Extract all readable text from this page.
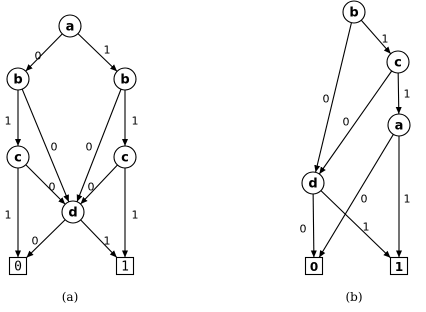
0	1
1
0	0
1
0	0
1	1
0	1
a
b	b
c	c
d
0	1
1
0
0
1
0	1
0	1
b
c
a
d
0	1
(a)	(b)
